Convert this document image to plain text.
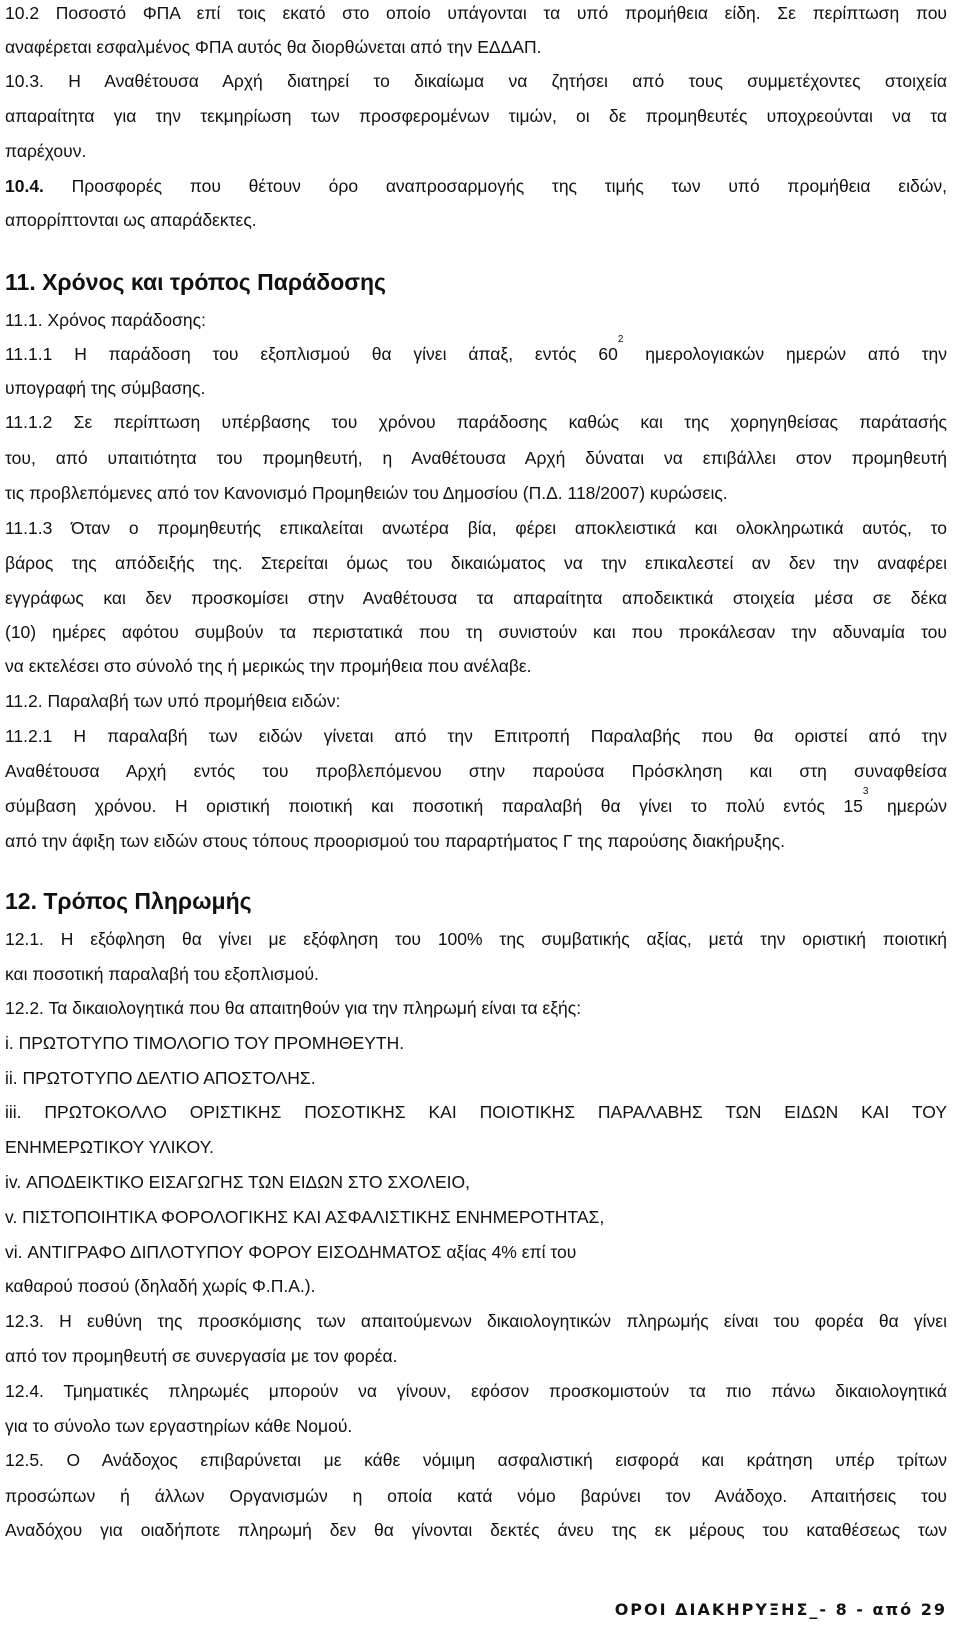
10.2 Ποσοστό ΦΠΑ επί τοις εκατό στο οποίο υπάγονται τα υπό προμήθεια είδη. Σε περίπτωση που

αναφέρεται εσφαλμένος ΦΠΑ αυτός θα διορθώνεται από την ΕΔΔΑΠ.

10.3. Η Αναθέτουσα Αρχή διατηρεί το δικαίωμα να ζητήσει από τους συμμετέχοντες στοιχεία

απαραίτητα για την τεκμηρίωση των προσφερομένων τιμών, οι δε προμηθευτές υποχρεούνται να τα

παρέχουν.

10.4. Προσφορές που θέτουν όρο αναπροσαρμογής της τιμής των υπό προμήθεια ειδών,

απορρίπτονται ως απαράδεκτες.

11. Χρόνος και τρόπος Παράδοσης

11.1. Χρόνος παράδοσης:

11.1.1 Η παράδοση του εξοπλισμού θα γίνει άπαξ, εντός $60^2$ ημερολογιακών ημερών από την

υπογραφή της σύμβασης.

11.1.2 Σε περίπτωση υπέρβασης του χρόνου παράδοσης καθώς και της χορηγηθείσας παράτασής

του, από υπαιτιότητα του προμηθευτή, η Αναθέτουσα Αρχή δύναται να επιβάλλει στον προμηθευτή

τις προβλεπόμενες από τον Κανονισμό Προμηθειών του Δημοσίου (Π.Δ. 118/2007) κυρώσεις.

11.1.3 Όταν ο προμηθευτής επικαλείται ανωτέρα βία, φέρει αποκλειστικά και ολοκληρωτικά αυτός, το

βάρος της απόδειξής της. Στερείται όμως του δικαιώματος να την επικαλεστεί αν δεν την αναφέρει

εγγράφως και δεν προσκομίσει στην Αναθέτουσα τα απαραίτητα αποδεικτικά στοιχεία μέσα σε δέκα

(10) ημέρες αφότου συμβούν τα περιστατικά που τη συνιστούν και που προκάλεσαν την αδυναμία του

να εκτελέσει στο σύνολό της ή μερικώς την προμήθεια που ανέλαβε.

11.2. Παραλαβή των υπό προμήθεια ειδών:

11.2.1 Η παραλαβή των ειδών γίνεται από την Επιτροπή Παραλαβής που θα οριστεί από την

Αναθέτουσα Αρχή εντός του προβλεπόμενου στην παρούσα Πρόσκληση και στη συναφθείσα

σύμβαση χρόνου. Η οριστική ποιοτική και ποσοτική παραλαβή θα γίνει το πολύ εντός $15^3$ ημερών

από την άφιξη των ειδών στους τόπους προορισμού του παραρτήματος Γ της παρούσης διακήρυξης.

12. Τρόπος Πληρωμής

12.1. Η εξόφληση θα γίνει με εξόφληση του 100% της συμβατικής αξίας, μετά την οριστική ποιοτική

και ποσοτική παραλαβή του εξοπλισμού.

12.2. Τα δικαιολογητικά που θα απαιτηθούν για την πληρωμή είναι τα εξής:

i. ΠΡΩΤΟΤΥΠΟ ΤΙΜΟΛΟΓΙΟ ΤΟΥ ΠΡΟΜΗΘΕΥΤΗ.

ii. ΠΡΩΤΟΤΥΠΟ ΔΕΛΤΙΟ ΑΠΟΣΤΟΛΗΣ.

iii. ΠΡΩΤΟΚΟΛΛΟ ΟΡΙΣΤΙΚΗΣ ΠΟΣΟΤΙΚΗΣ ΚΑΙ ΠΟΙΟΤΙΚΗΣ ΠΑΡΑΛΑΒΗΣ ΤΩΝ ΕΙΔΩΝ ΚΑΙ ΤΟΥ

ΕΝΗΜΕΡΩΤΙΚΟΥ ΥΛΙΚΟΥ.

iv. ΑΠΟΔΕΙΚΤΙΚΟ ΕΙΣΑΓΩΓΗΣ ΤΩΝ ΕΙΔΩΝ ΣΤΟ ΣΧΟΛΕΙΟ,

v. ΠΙΣΤΟΠΟΙΗΤΙΚΑ ΦΟΡΟΛΟΓΙΚΗΣ ΚΑΙ ΑΣΦΑΛΙΣΤΙΚΗΣ ΕΝΗΜΕΡΟΤΗΤΑΣ,

vi. ΑΝΤΙΓΡΑΦΟ ΔΙΠΛΟΤΥΠΟΥ ΦΟΡΟΥ ΕΙΣΟΔΗΜΑΤΟΣ αξίας 4% επί του

καθαρού ποσού (δηλαδή χωρίς Φ.Π.Α.).

12.3. Η ευθύνη της προσκόμισης των απαιτούμενων δικαιολογητικών πληρωμής είναι του φορέα θα γίνει

από τον προμηθευτή σε συνεργασία με τον φορέα.

12.4. Τμηματικές πληρωμές μπορούν να γίνουν, εφόσον προσκομιστούν τα πιο πάνω δικαιολογητικά

για το σύνολο των εργαστηρίων κάθε Νομού.

12.5. Ο Ανάδοχος επιβαρύνεται με κάθε νόμιμη ασφαλιστική εισφορά και κράτηση υπέρ τρίτων

προσώπων ή άλλων Οργανισμών η οποία κατά νόμο βαρύνει τον Ανάδοχο. Απαιτήσεις του

Αναδόχου για οιαδήποτε πληρωμή δεν θα γίνονται δεκτές άνευ της εκ μέρους του καταθέσεως των

ΟΡΟΙ ΔΙΑΚΗΡΥΞΗΣ_- 8 - από 29
